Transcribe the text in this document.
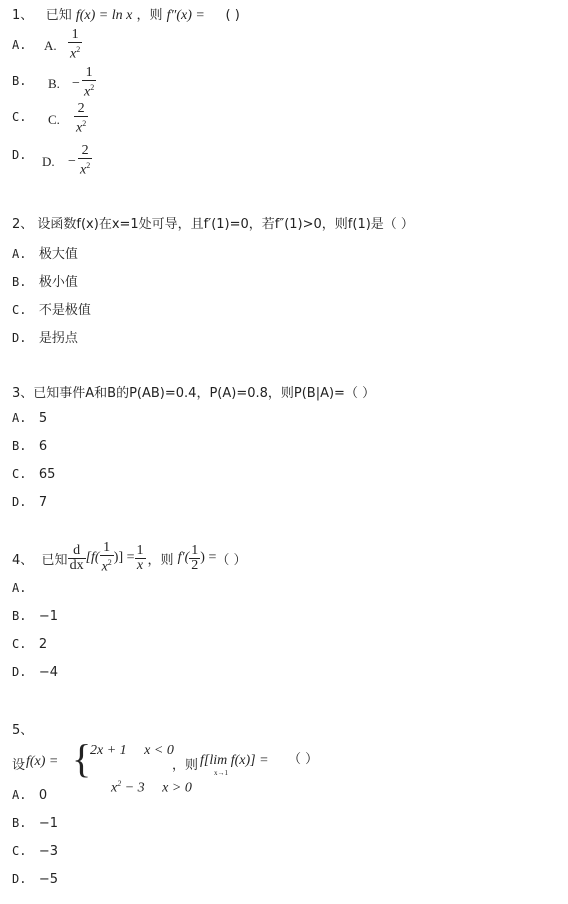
1、 已知 f(x) = ln x ，则 f″(x) = ( )
A. A. $\frac{1}{x^2}$
B. B. − $\frac{1}{x^2}$
C. C. $\frac{2}{x^2}$
D. D. − $\frac{2}{x^2}$
2、 设函数f(x)在x=1处可导，且f′(1)=0，若f″(1)>0，则f(1)是（ ）
A. 极大值
B. 极小值
C. 不是极值
D. 是拐点
3、已知事件A和B的P(AB)=0.4，P(A)=0.8，则P(B|A)=（ ）
A. 5
B. 6
C. 65
D. 7
4、
已知 $\frac{d}{dx} [f( \frac{1}{x^2}$ )] = $\frac{1}{x}$ ，则
$f'( \frac{1}{2}$ ) = （ ）
A.
B. −1
C. 2
D. −4
5、
设 f(x) = {
2x + 1     x < 0

$x^2 - 3$     x > 0

，则 f[lim f(x)] =
x→1
（ ）
A. 0
B. −1
C. −3
D. −5
